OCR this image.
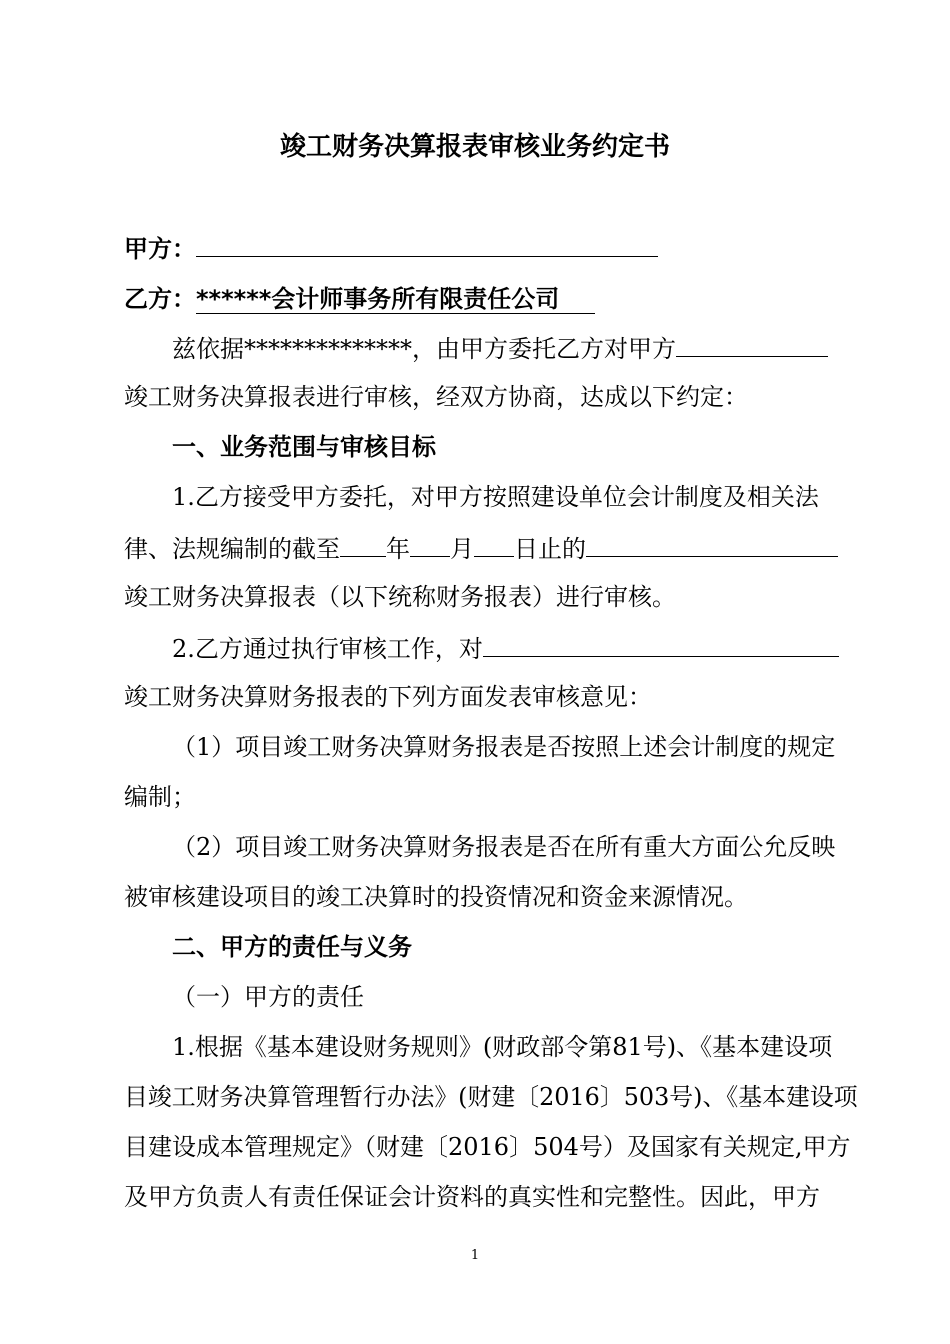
竣工财务决算报表审核业务约定书
甲方：
乙方：******会计师事务所有限责任公司
兹依据**************，由甲方委托乙方对甲方
竣工财务决算报表进行审核，经双方协商，达成以下约定：
一、业务范围与审核目标
1.乙方接受甲方委托，对甲方按照建设单位会计制度及相关法
律、法规编制的截至 年 月 日止的
竣工财务决算报表（以下统称财务报表）进行审核。
2.乙方通过执行审核工作，对
竣工财务决算财务报表的下列方面发表审核意见：
（1）项目竣工财务决算财务报表是否按照上述会计制度的规定
编制；
（2）项目竣工财务决算财务报表是否在所有重大方面公允反映
被审核建设项目的竣工决算时的投资情况和资金来源情况。
二、甲方的责任与义务
（一）甲方的责任
1.根据《基本建设财务规则》(财政部令第81号)、《基本建设项
目竣工财务决算管理暂行办法》(财建〔2016〕503号)、《基本建设项
目建设成本管理规定》（财建〔2016〕504号）及国家有关规定,甲方
及甲方负责人有责任保证会计资料的真实性和完整性。因此，甲方
1
